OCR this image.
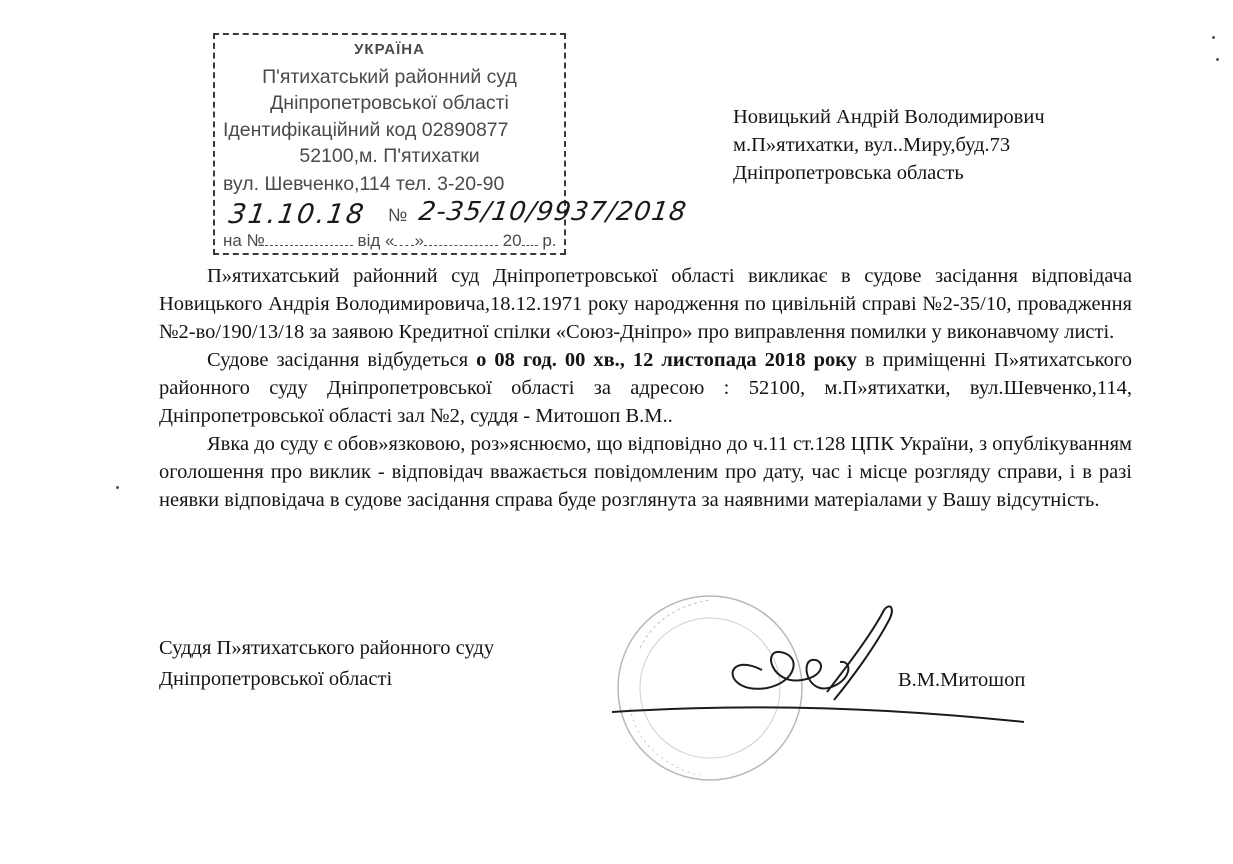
УКРАЇНА
П'ятихатський районний суд
Дніпропетровської області
Ідентифікаційний код 02890877
52100,м. П'ятихатки
вул. Шевченко,114 тел. 3-20-90
31.10.18 № 2-35/10/9937/2018
на №	від « »	20 р.
Новицький Андрій Володимирович
м.П»ятихатки, вул..Миру,буд.73
Дніпропетровська область

П»ятихатський районний суд Дніпропетровської області викликає в судове засідання відповідача Новицького Андрія Володимировича,18.12.1971 року народження по цивільній справі №2-35/10, провадження №2-во/190/13/18 за заявою Кредитної спілки «Союз-Дніпро» про виправлення помилки у виконавчому листі.

Судове засідання відбудеться о 08 год. 00 хв., 12 листопада 2018 року в приміщенні П»ятихатського районного суду Дніпропетровської області за адресою : 52100, м.П»ятихатки, вул.Шевченко,114, Дніпропетровської області зал №2, суддя - Митошоп В.М..

Явка до суду є обов»язковою, роз»яснюємо, що відповідно до ч.11 ст.128 ЦПК України, з опублікуванням оголошення про виклик - відповідач вважається повідомленим про дату, час і місце розгляду справи, і в разі неявки відповідача в судове засідання справа буде розглянута за наявними матеріалами у Вашу відсутність.

Суддя П»ятихатського районного суду
Дніпропетровської області	В.М.Митошоп
